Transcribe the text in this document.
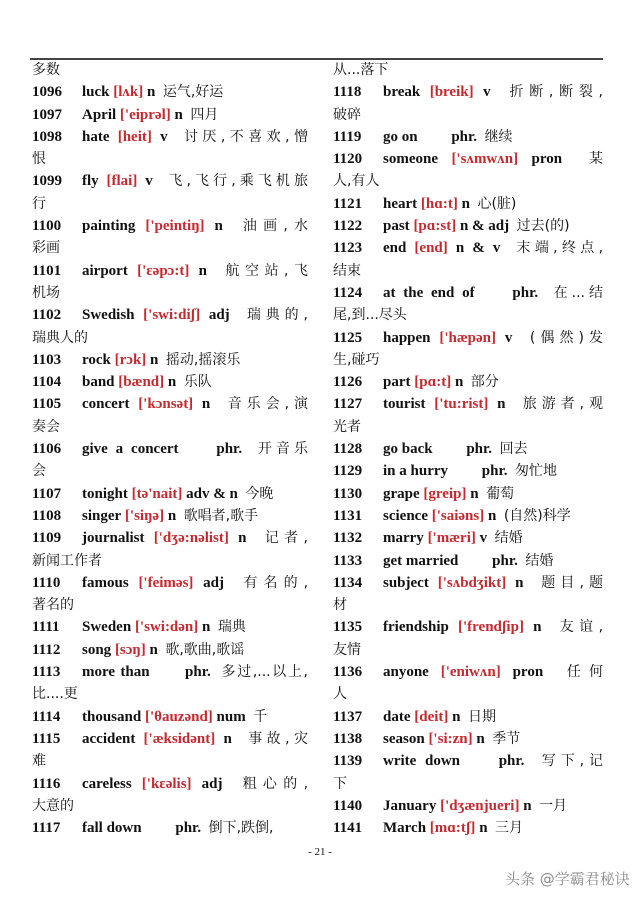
多数
1096 luck [lʌk] n 运气,好运
1097 April ['eiprəl] n 四月
1098 hate [heit] v 讨厌,不喜欢,憎
恨
1099 fly [flai] v 飞,飞行,乘飞机旅
行
1100 painting ['peintiŋ] n 油画,水
彩画
1101 airport ['ɛəpɔ:t] n 航空站,飞
机场
1102 Swedish ['swi:diʃ] adj 瑞典的,
瑞典人的
1103 rock [rɔk] n 摇动,摇滚乐
1104 band [bænd] n 乐队
1105 concert ['kɔnsət] n 音乐会,演
奏会
1106 give a concert   	phr. 开音乐
会
1107 tonight [tə'nait] adv & n 今晚
1108 singer ['siŋə] n 歌唱者,歌手
1109 journalist ['dʒə:nəlist] n 记者,
新闻工作者
1110 famous ['feiməs] adj 有名的,
著名的
1111 Sweden ['swi:dən] n 瑞典
1112 song [sɔŋ] n 歌,歌曲,歌谣
1113 more than    phr. 多过,...以上,
比....更
1114 thousand ['θauzənd] num 千
1115 accident ['æksidənt] n 事故,灾
难
1116 careless ['kɛəlis] adj 粗心的,
大意的
1117 fall down    phr. 倒下,跌倒,
从...落下
1118 break [breik] v 折断,断裂,
破碎
1119 go on    phr. 继续
1120 someone ['sʌmwʌn] pron 某
人,有人
1121 heart [hɑ:t] n 心(脏)
1122 past [pɑ:st] n & adj 过去(的)
1123 end [end] n & v 末端,终点,
结束
1124 at the end of   	phr. 在...结
尾,到...尽头
1125 happen ['hæpən] v (偶然)发
生,碰巧
1126 part [pɑ:t] n 部分
1127 tourist ['tu:rist] n 旅游者,观
光者
1128 go back    phr. 回去
1129 in a hurry    phr. 匆忙地
1130 grape [greip] n 葡萄
1131 science ['saiəns] n (自然)科学
1132 marry ['mæri] v 结婚
1133 get married    phr. 结婚
1134 subject ['sʌbdʒikt] n 题目,题
材
1135 friendship ['frendʃip] n 友谊,
友情
1136 anyone ['eniwʌn] pron 任何
人
1137 date [deit] n 日期
1138 season ['si:zn] n 季节
1139 write down   	phr. 写下,记
下
1140 January ['dʒænjueri] n 一月
1141 March [mɑ:tʃ] n 三月
- 21 -
头条 @学霸君秘诀
